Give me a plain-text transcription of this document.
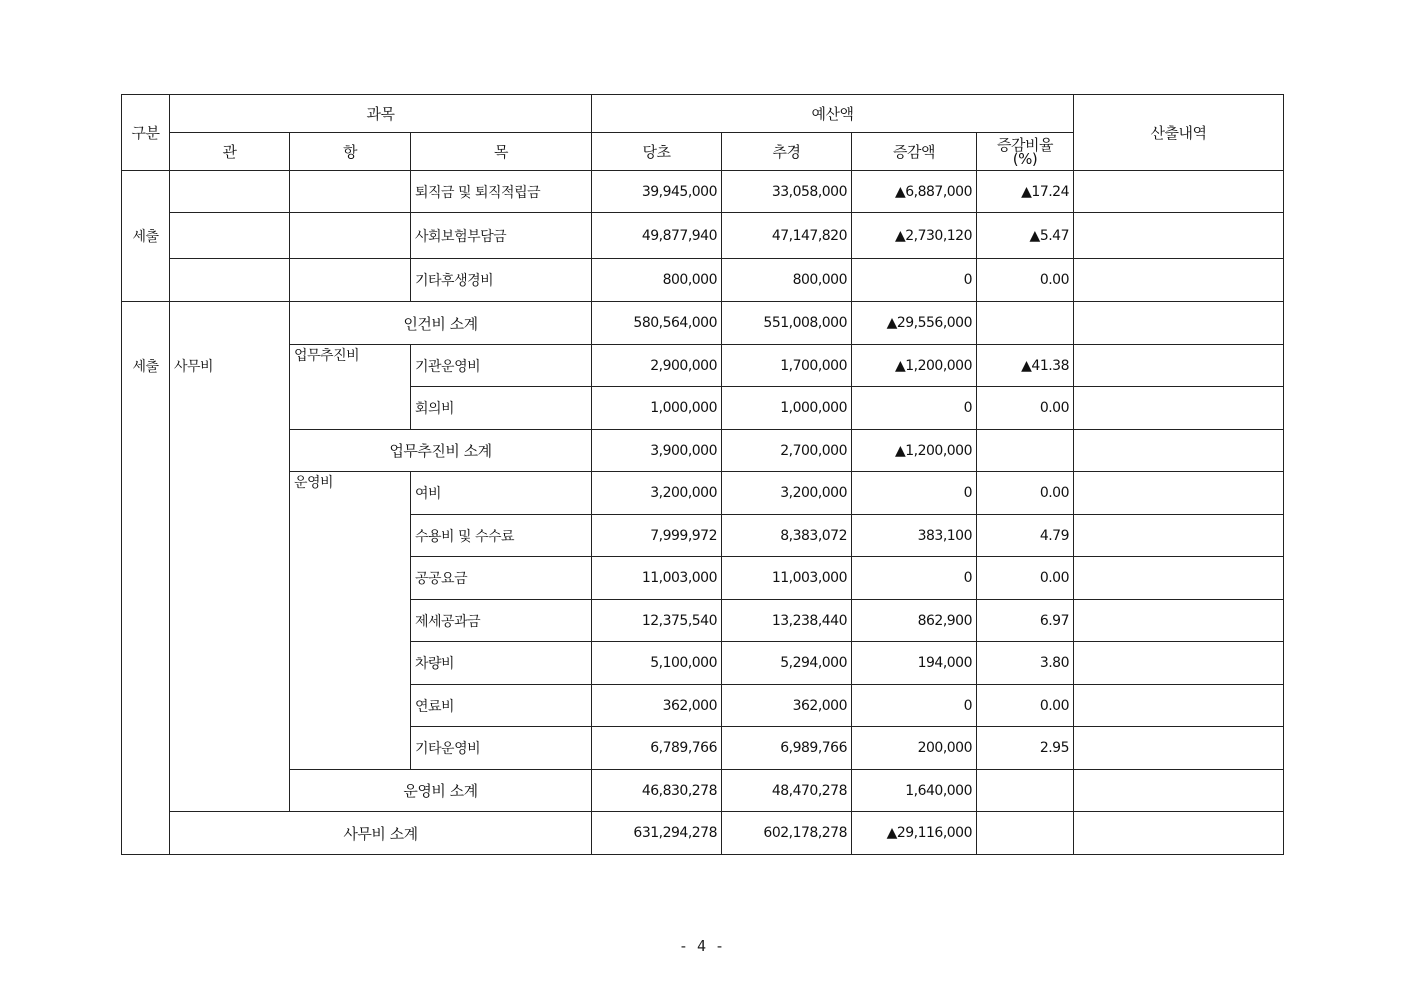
구분	과목			예산액				산출내역
	관	항	목	당초	추경	증감액	증감비율
(%)	

세출			퇴직금 및 퇴직적립금	39,945,000	33,058,000	▲6,887,000	▲17.24	
			사회보험부담금	49,877,940	47,147,820	▲2,730,120	▲5.47	
			기타후생경비	800,000	800,000	0	0.00	
세출	사무비	인건비 소계		580,564,000	551,008,000	▲29,556,000		
		업무추진비	기관운영비	2,900,000	1,700,000	▲1,200,000	▲41.38	
			회의비	1,000,000	1,000,000	0	0.00	
		업무추진비 소계		3,900,000	2,700,000	▲1,200,000		
		운영비	여비	3,200,000	3,200,000	0	0.00	
			수용비 및 수수료	7,999,972	8,383,072	383,100	4.79	
			공공요금	11,003,000	11,003,000	0	0.00	
			제세공과금	12,375,540	13,238,440	862,900	6.97	
			차량비	5,100,000	5,294,000	194,000	3.80	
			연료비	362,000	362,000	0	0.00	
			기타운영비	6,789,766	6,989,766	200,000	2.95	
		운영비 소계		46,830,278	48,470,278	1,640,000		
	사무비 소계			631,294,278	602,178,278	▲29,116,000		
- 4 -
